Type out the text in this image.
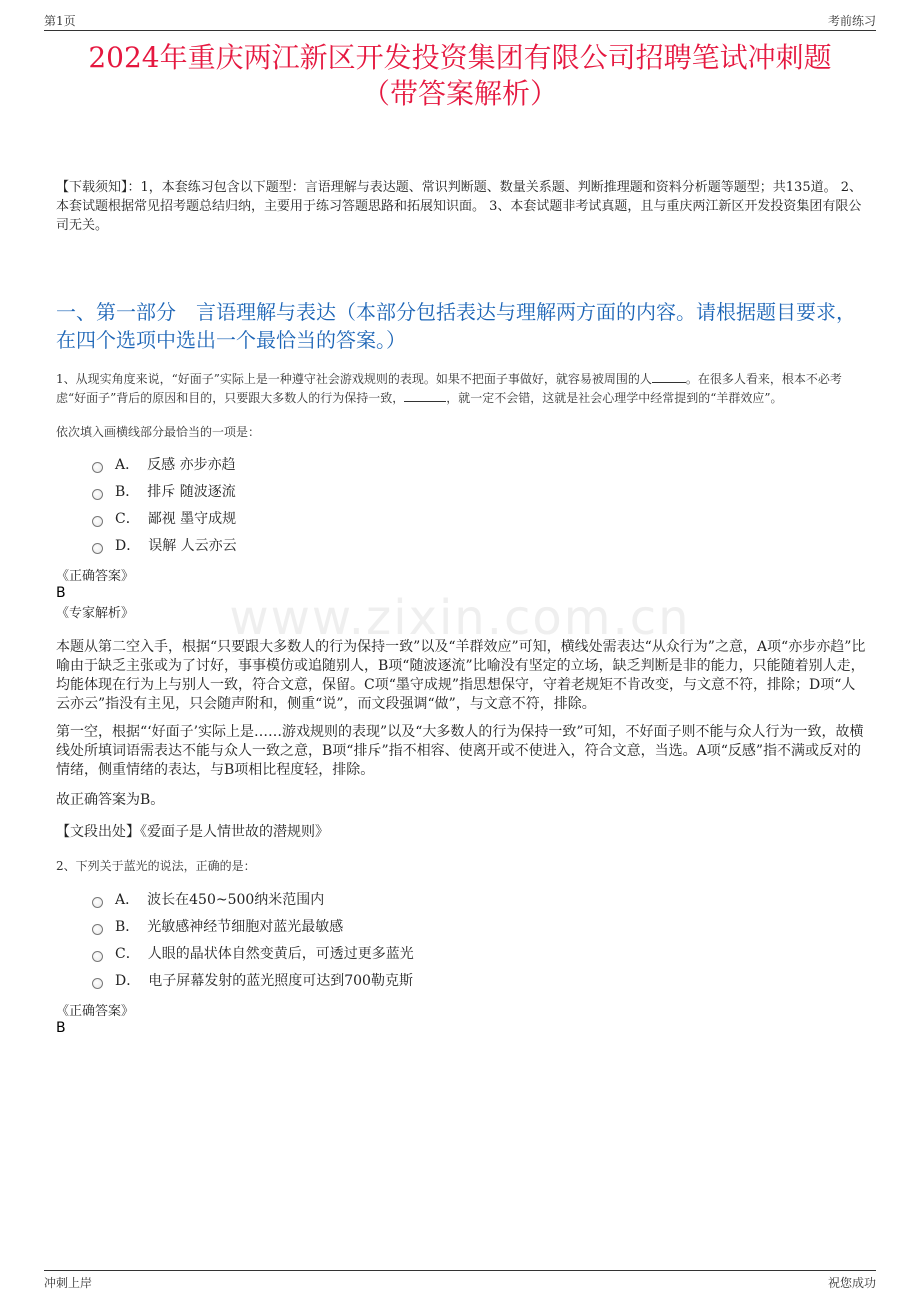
第1页	考前练习
www.zixin.com.cn
2024年重庆两江新区开发投资集团有限公司招聘笔试冲刺题
（带答案解析）
【下载须知】：1，本套练习包含以下题型：言语理解与表达题、常识判断题、数量关系题、判断推理题和资料分析题等题型；共135道。 2、本套试题根据常见招考题总结归纳，主要用于练习答题思路和拓展知识面。 3、本套试题非考试真题，且与重庆两江新区开发投资集团有限公司无关。
一、第一部分　言语理解与表达（本部分包括表达与理解两方面的内容。请根据题目要求，在四个选项中选出一个最恰当的答案。）
1、从现实角度来说，“好面子”实际上是一种遵守社会游戏规则的表现。如果不把面子事做好，就容易被周围的人	。在很多人看来，根本不必考虑“好面子”背后的原因和目的，只要跟大多数人的行为保持一致，	，就一定不会错，这就是社会心理学中经常提到的“羊群效应”。
依次填入画横线部分最恰当的一项是：
A． 反感 亦步亦趋
B． 排斥 随波逐流
C． 鄙视 墨守成规
D． 误解 人云亦云
《正确答案》
B
《专家解析》
本题从第二空入手，根据“只要跟大多数人的行为保持一致”以及“羊群效应”可知，横线处需表达“从众行为”之意，A项“亦步亦趋”比喻由于缺乏主张或为了讨好，事事模仿或追随别人，B项“随波逐流”比喻没有坚定的立场，缺乏判断是非的能力，只能随着别人走，均能体现在行为上与别人一致，符合文意，保留。C项“墨守成规”指思想保守，守着老规矩不肯改变，与文意不符，排除；D项“人云亦云”指没有主见，只会随声附和，侧重“说”，而文段强调“做”，与文意不符，排除。
第一空，根据“‘好面子’实际上是……游戏规则的表现”以及“大多数人的行为保持一致”可知，不好面子则不能与众人行为一致，故横线处所填词语需表达不能与众人一致之意，B项“排斥”指不相容、使离开或不使进入，符合文意，当选。A项“反感”指不满或反对的情绪，侧重情绪的表达，与B项相比程度轻，排除。
故正确答案为B。
【文段出处】《爱面子是人情世故的潜规则》
2、下列关于蓝光的说法，正确的是：
A． 波长在450~500纳米范围内
B． 光敏感神经节细胞对蓝光最敏感
C． 人眼的晶状体自然变黄后，可透过更多蓝光
D． 电子屏幕发射的蓝光照度可达到700勒克斯
《正确答案》
B
冲刺上岸	祝您成功
